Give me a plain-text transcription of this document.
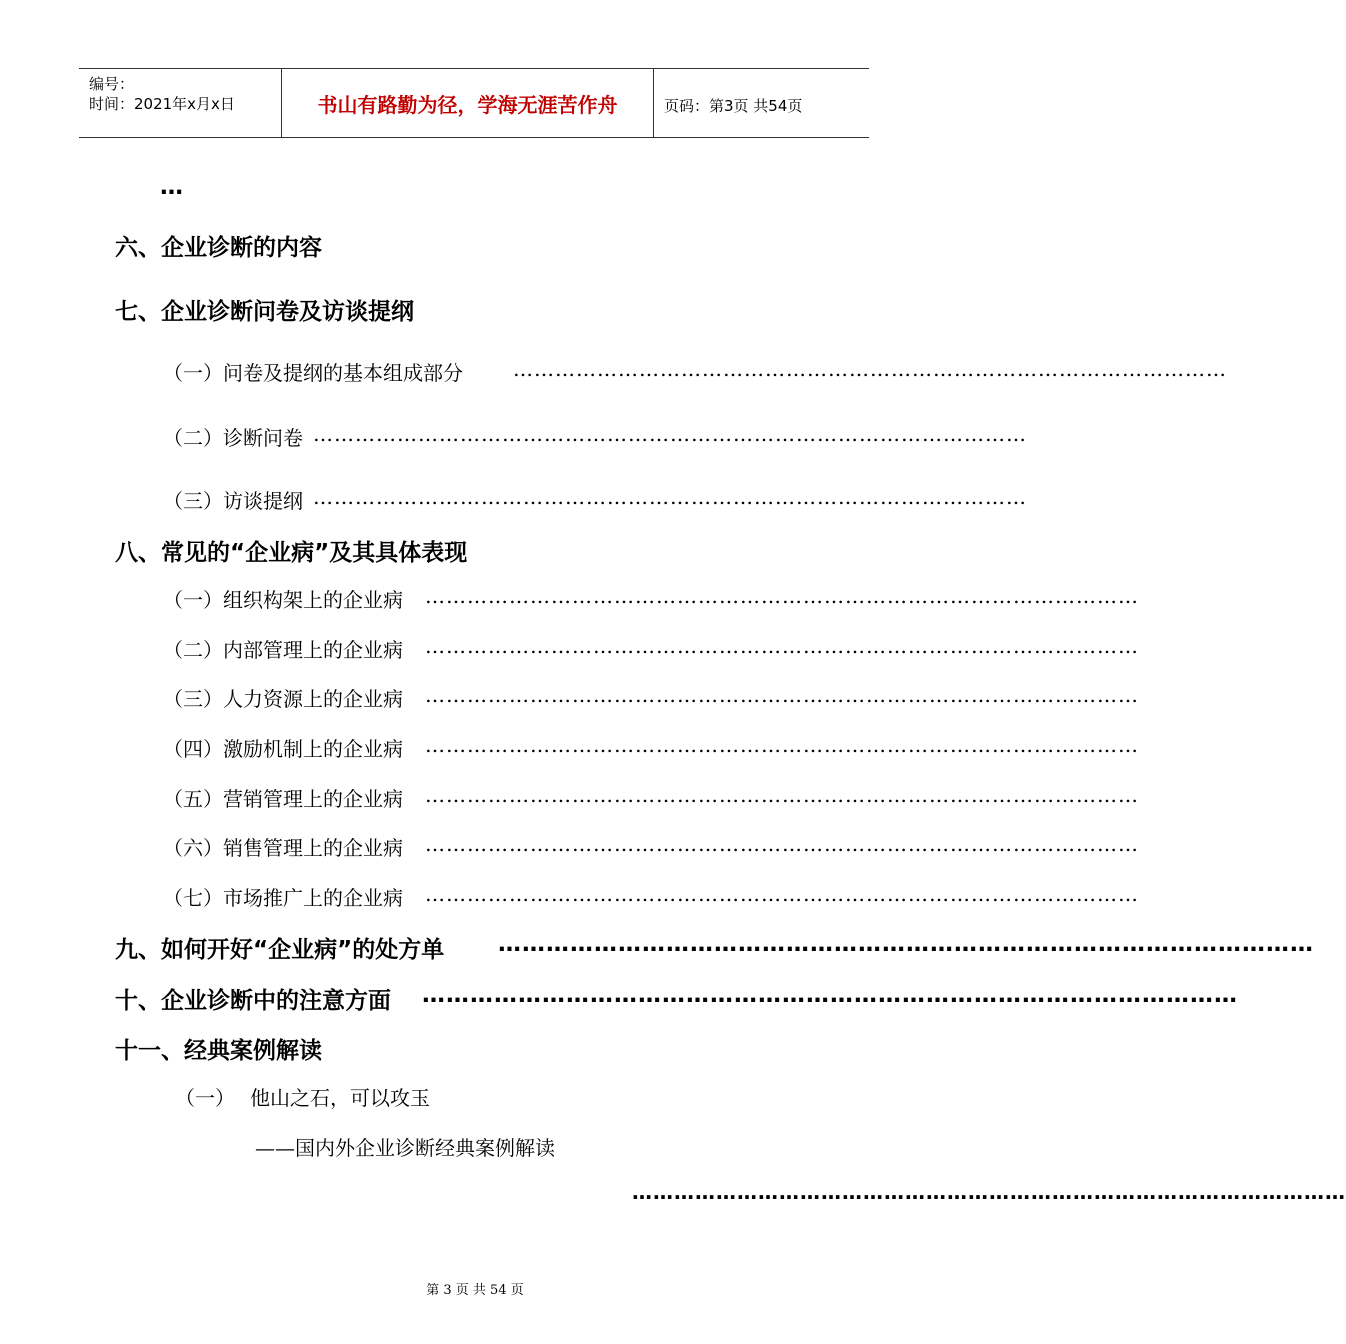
编号：
时间：2021年x月x日	书山有路勤为径，学海无涯苦作舟	页码：第3页 共54页
…
六、企业诊断的内容
七、企业诊断问卷及访谈提纲
（一）问卷及提纲的基本组成部分	…………………………………………………………………………………………
（二）诊断问卷 …………………………………………………………………………………………
（三）访谈提纲 …………………………………………………………………………………………
八、常见的“企业病”及其具体表现
（一）组织构架上的企业病 …………………………………………………………………………………………
（二）内部管理上的企业病 …………………………………………………………………………………………
（三）人力资源上的企业病 …………………………………………………………………………………………
（四）激励机制上的企业病 …………………………………………………………………………………………
（五）营销管理上的企业病 …………………………………………………………………………………………
（六）销售管理上的企业病 …………………………………………………………………………………………
（七）市场推广上的企业病 …………………………………………………………………………………………
九、如何开好“企业病”的处方单 …………………………………………………………………………………………
十、企业诊断中的注意方面 …………………………………………………………………………………………
十一、经典案例解读
（一） 他山之石，可以攻玉
——国内外企业诊断经典案例解读
…………………………………………………………………………………………
第 3 页 共 54 页
